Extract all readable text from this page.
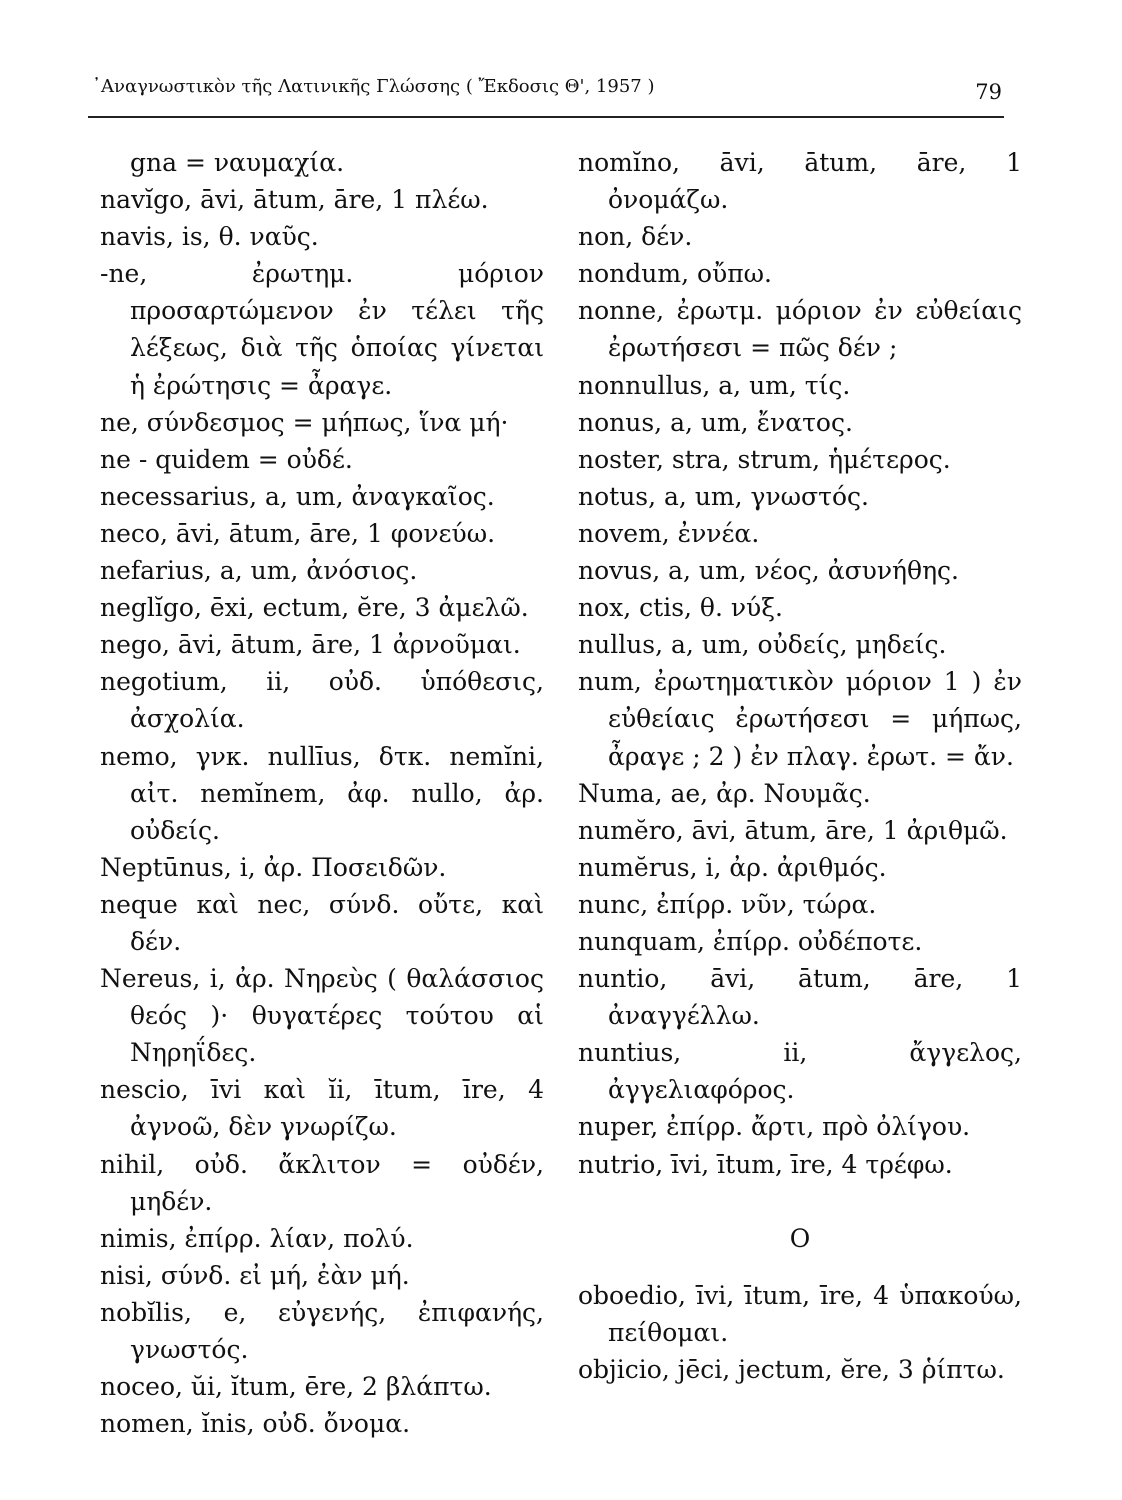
᾿Αναγνωστικὸν τῆς Λατινικῆς Γλώσσης ( Ἔκδοσις Θ', 1957 )	79
gna = ναυμαχία.
navĭgo, āvi, ātum, āre, 1 πλέω.
navis, is, θ. ναῦς.
-ne, ἐρωτημ. μόριον προσαρτώμενον ἐν τέλει τῆς λέξεως, διὰ τῆς ὁποίας γίνεται ἡ ἐρώτησις = ἆραγε.
ne, σύνδεσμος = μήπως, ἵνα μή·
ne - quidem = οὐδέ.
necessarius, a, um, ἀναγκαῖος.
neco, āvi, ātum, āre, 1 φονεύω.
nefarius, a, um, ἀνόσιος.
neglĭgo, ēxi, ectum, ĕre, 3 ἀμελῶ.
nego, āvi, ātum, āre, 1 ἀρνοῦμαι.
negotium, ii, οὐδ. ὑπόθεσις, ἀσχολία.
nemo, γνκ. nullīus, δτκ. nemĭni, αἰτ. nemĭnem, ἀφ. nullo, ἀρ. οὐδείς.
Neptūnus, i, ἀρ. Ποσειδῶν.
neque καὶ nec, σύνδ. οὔτε, καὶ δέν.
Nereus, i, ἀρ. Νηρεὺς ( θαλάσσιος θεός )· θυγατέρες τούτου αἱ Νηρηΐδες.
nescio, īvi καὶ ĭi, ītum, īre, 4 ἀγνοῶ, δὲν γνωρίζω.
nihil, οὐδ. ἄκλιτον = οὐδέν, μηδέν.
nimis, ἐπίρρ. λίαν, πολύ.
nisi, σύνδ. εἰ μή, ἐὰν μή.
nobĭlis, e, εὐγενής, ἐπιφανής, γνωστός.
noceo, ŭi, ĭtum, ēre, 2 βλάπτω.
nomen, ĭnis, οὐδ. ὄνομα.
nomĭno, āvi, ātum, āre, 1 ὀνομάζω.
non, δέν.
nondum, οὔπω.
nonne, ἐρωτμ. μόριον ἐν εὐθείαις ἐρωτήσεσι = πῶς δέν ;
nonnullus, a, um, τίς.
nonus, a, um, ἔνατος.
noster, stra, strum, ἡμέτερος.
notus, a, um, γνωστός.
novem, ἐννέα.
novus, a, um, νέος, ἀσυνήθης.
nox, ctis, θ. νύξ.
nullus, a, um, οὐδείς, μηδείς.
num, ἐρωτηματικὸν μόριον 1 ) ἐν εὐθείαις ἐρωτήσεσι = μήπως, ἆραγε ; 2 ) ἐν πλαγ. ἐρωτ. = ἄν.
Numa, ae, ἀρ. Νουμᾶς.
numĕro, āvi, ātum, āre, 1 ἀριθμῶ.
numĕrus, i, ἀρ. ἀριθμός.
nunc, ἐπίρρ. νῦν, τώρα.
nunquam, ἐπίρρ. οὐδέποτε.
nuntio, āvi, ātum, āre, 1 ἀναγγέλλω.
nuntius, ii, ἄγγελος, ἀγγελιαφόρος.
nuper, ἐπίρρ. ἄρτι, πρὸ ὀλίγου.
nutrio, īvi, ītum, īre, 4 τρέφω.
O
oboedio, īvi, ītum, īre, 4 ὑπακούω, πείθομαι.
objicio, jēci, jectum, ĕre, 3 ῥίπτω.
